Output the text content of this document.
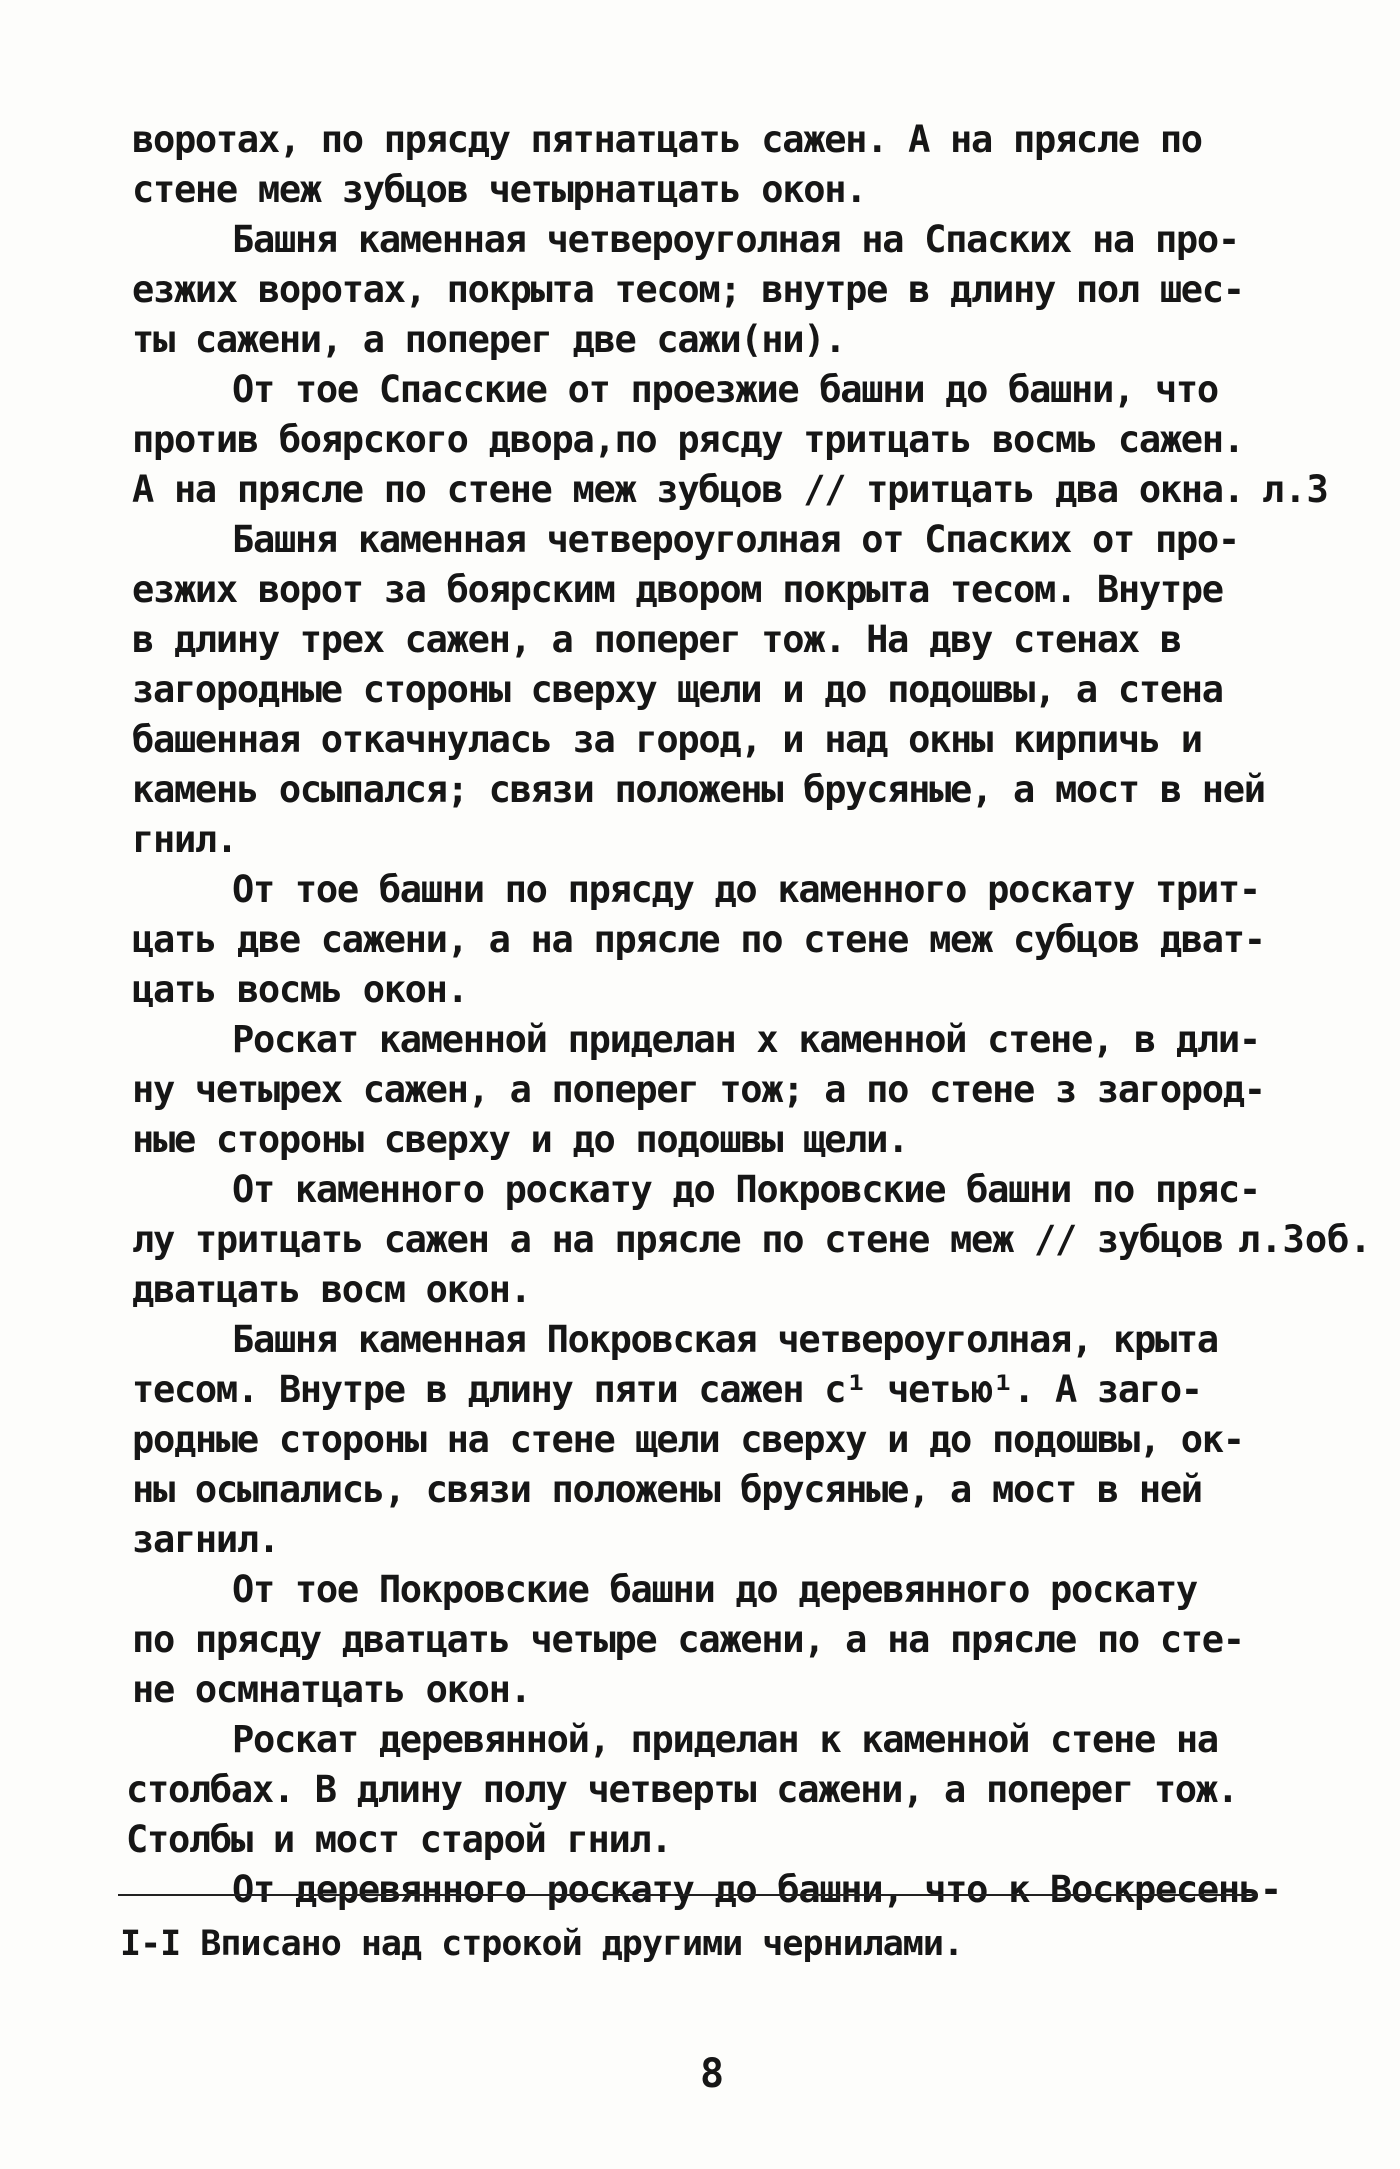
воротах, по прясду пятнатцать сажен. А на прясле по
стене меж зубцов четырнатцать окон.
Башня каменная четвероуголная на Спаских на про-
езжих воротах, покрыта тесом; внутре в длину пол шес-
ты сажени, а поперег две сажи(ни).
От тое Спасские от проезжие башни до башни, что
против боярского двора,по рясду тритцать восмь сажен.
А на прясле по стене меж зубцов // тритцать два окна.
Башня каменная четвероуголная от Спаских от про-
езжих ворот за боярским двором покрыта тесом. Внутре
в длину трех сажен, а поперег тож. На дву стенах в
загородные стороны сверху щели и до подошвы, а стена
башенная откачнулась за город, и над окны кирпичь и
камень осыпался; связи положены брусяные, а мост в ней
гнил.
От тое башни по прясду до каменного роскату трит-
цать две сажени, а на прясле по стене меж субцов дват-
цать восмь окон.
Роскат каменной приделан х каменной стене, в дли-
ну четырех сажен, а поперег тож; а по стене з загород-
ные стороны сверху и до подошвы щели.
От каменного роскату до Покровские башни по пряс-
лу тритцать сажен а на прясле по стене меж // зубцов
дватцать восм окон.
Башня каменная Покровская четвероуголная, крыта
тесом. Внутре в длину пяти сажен с¹ четью¹. А заго-
родные стороны на стене щели сверху и до подошвы, ок-
ны осыпались, связи положены брусяные, а мост в ней
загнил.
От тое Покровские башни до деревянного роскату
по прясду дватцать четыре сажени, а на прясле по сте-
не осмнатцать окон.
Роскат деревянной, приделан к каменной стене на
столбах. В длину полу четверты сажени, а поперег тож.
Столбы и мост старой гнил.
От деревянного роскату до башни, что к Воскресень-
л.3
л.3об.
I-I Вписано над строкой другими чернилами.
8
